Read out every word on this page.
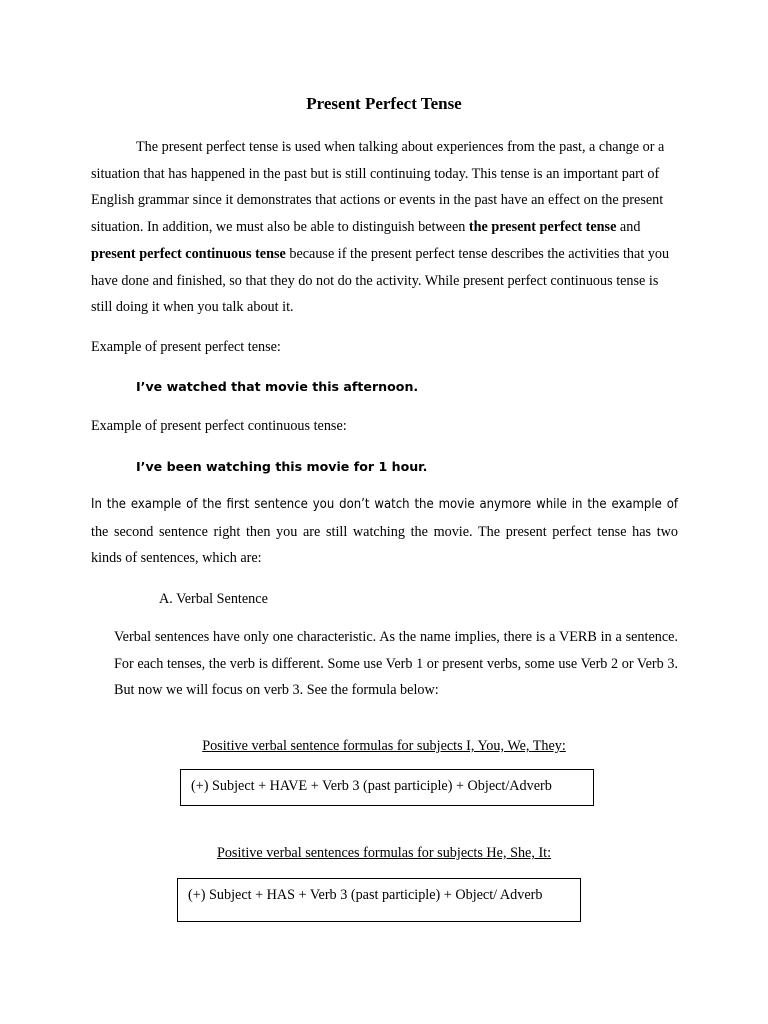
Present Perfect Tense
The present perfect tense is used when talking about experiences from the past, a change or a situation that has happened in the past but is still continuing today. This tense is an important part of English grammar since it demonstrates that actions or events in the past have an effect on the present situation. In addition, we must also be able to distinguish between the present perfect tense and present perfect continuous tense because if the present perfect tense describes the activities that you have done and finished, so that they do not do the activity. While present perfect continuous tense is still doing it when you talk about it.
Example of present perfect tense:
I’ve watched that movie this afternoon.
Example of present perfect continuous tense:
I’ve been watching this movie for 1 hour.
In the example of the first sentence you don’t watch the movie anymore while in the example of the second sentence right then you are still watching the movie. The present perfect tense has two kinds of sentences, which are:
A. Verbal Sentence
Verbal sentences have only one characteristic. As the name implies, there is a VERB in a sentence. For each tenses, the verb is different. Some use Verb 1 or present verbs, some use Verb 2 or Verb 3. But now we will focus on verb 3. See the formula below:
Positive verbal sentence formulas for subjects I, You, We, They:
(+) Subject + HAVE + Verb 3 (past participle) + Object/Adverb
Positive verbal sentences formulas for subjects He, She, It:
(+) Subject + HAS + Verb 3 (past participle) + Object/ Adverb
